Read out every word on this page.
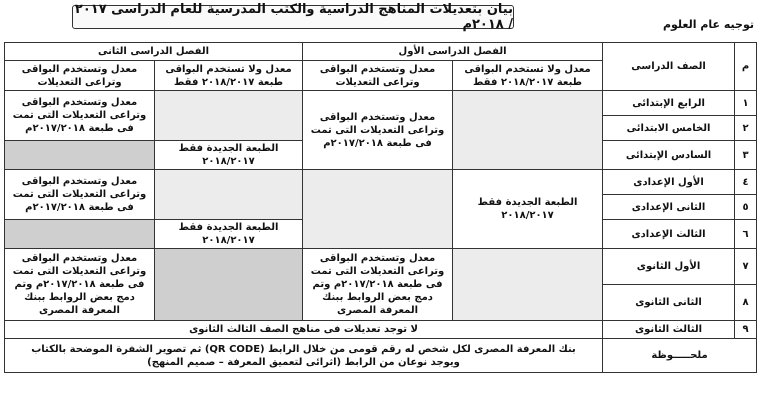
بيان بتعديلات المناهج الدراسية والكتب المدرسية للعام الدراسى ٢٠١٧ / ٢٠١٨م	توجيه عام العلوم
م	الصف الدراسى	الفصل الدراسى الأول		الفصل الدراسى الثانى	
		معدل ولا تستخدم البواقى طبعة ٢٠١٨/٢٠١٧ فقط	معدل وتستخدم البواقى وتراعى التعديلات	معدل ولا تستخدم البواقى طبعة ٢٠١٨/٢٠١٧ فقط	معدل وتستخدم البواقى وتراعى التعديلات
١	الرابع الإبتدائى		معدل وتستخدم البواقى وتراعى التعديلات التى تمت فى طبعة ٢٠١٧/٢٠١٨م		معدل وتستخدم البواقى وتراعى التعديلات التى تمت فى طبعة ٢٠١٧/٢٠١٨م
٢	الخامس الابتدائى				
٣	السادس الإبتدائى			الطبعة الجديدة فقط ٢٠١٨/٢٠١٧	
٤	الأول الإعدادى	الطبعة الجديدة فقط ٢٠١٨/٢٠١٧			معدل وتستخدم البواقى وتراعى التعديلات التى تمت فى طبعة ٢٠١٧/٢٠١٨م
٥	الثانى الإعدادى				
٦	الثالث الإعدادى			الطبعة الجديدة فقط ٢٠١٨/٢٠١٧	
٧	الأول الثانوى		معدل وتستخدم البواقى وتراعى التعديلات التى تمت فى طبعة ٢٠١٧/٢٠١٨م وتم دمج بعض الروابط ببنك المعرفة المصرى		معدل وتستخدم البواقى وتراعى التعديلات التى تمت فى طبعة ٢٠١٧/٢٠١٨م وتم دمج بعض الروابط ببنك المعرفة المصرى
٨	الثانى الثانوى				
٩	الثالث الثانوى	لا توجد تعديلات فى مناهج الصف الثالث الثانوى			
ملحـــــوظة		بنك المعرفة المصرى لكل شخص له رقم قومى من خلال الرابط (QR CODE) ثم تصوير الشفرة الموضحة بالكتاب
ويوجد نوعان من الرابط (اثرائى لتعميق المعرفة – صميم المنهج)			
